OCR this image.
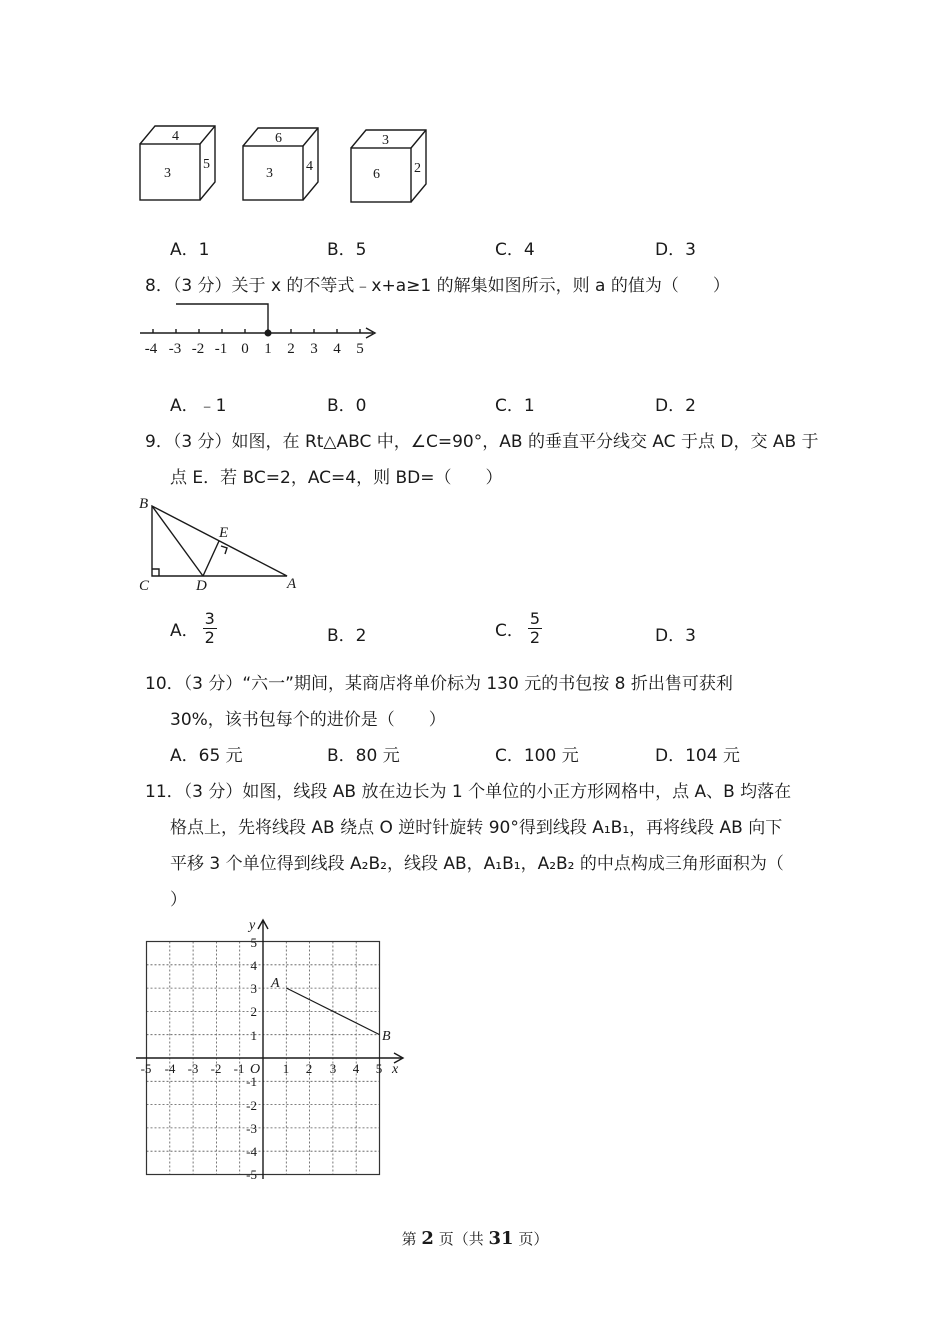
4
3
5
6
3 4
3
6 2
A．1	B．5	C．4	D．3
8．（3 分）关于 x 的不等式﹣x+a≥1 的解集如图所示，则 a 的值为（　　）
-4 -3 -2 -1 0 1 2 3 4 5
A．﹣1	B．0	C．1	D．2
9．（3 分）如图，在 Rt△ABC 中，∠C=90°，AB 的垂直平分线交 AC 于点 D，交 AB 于
点 E．若 BC=2，AC=4，则 BD=（　　）
B
C	D
E
A
A． $\frac{3}{2}$	B．2	C． $\frac{5}{2}$	D．3
10．（3 分）“六一”期间，某商店将单价标为 130 元的书包按 8 折出售可获利
30%，该书包每个的进价是（　　）
A．65 元	B．80 元	C．100 元	D．104 元
11．（3 分）如图，线段 AB 放在边长为 1 个单位的小正方形网格中，点 A、B 均落在
格点上，先将线段 AB 绕点 O 逆时针旋转 90°得到线段 A₁B₁，再将线段 AB 向下
平移 3 个单位得到线段 A₂B₂，线段 AB，A₁B₁，A₂B₂ 的中点构成三角形面积为（
）
-5 -4 -3 -2 -1	1 2 3 4 5
5
4
3
2
1
-1
-2
-3
-4
-5
x
y
O
A
B
第 2 页（共 31 页）
